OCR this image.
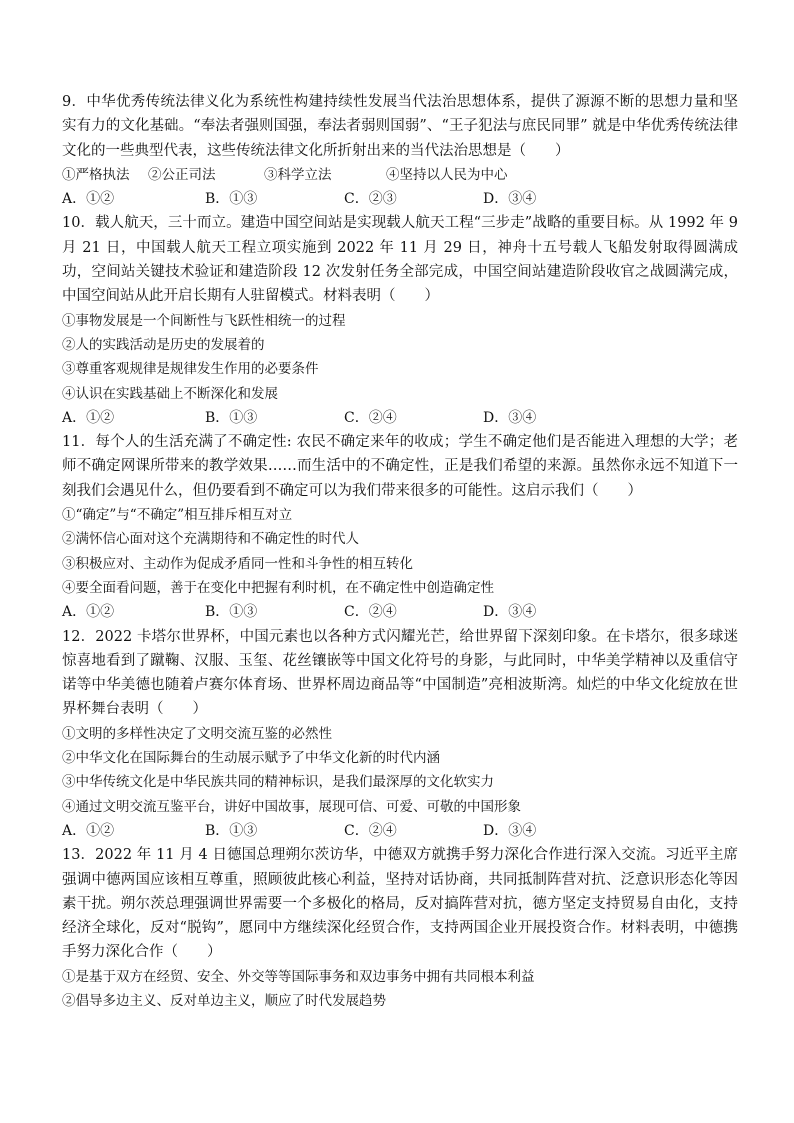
9．中华优秀传统法律义化为系统性构建持续性发展当代法治思想体系，提供了源源不断的思想力量和坚实有力的文化基础。“奉法者强则国强，奉法者弱则国弱”、“王子犯法与庶民同罪” 就是中华优秀传统法律文化的一些典型代表，这些传统法律文化所折射出来的当代法治思想是（　　）

①严格执法	②公正司法	③科学立法	④坚持以人民为中心
A．①②	B．①③	C．②③	D．③④

10．载人航天，三十而立。建造中国空间站是实现载人航天工程“三步走”战略的重要目标。从 1992 年 9 月 21 日，中国载人航天工程立项实施到 2022 年 11 月 29 日，神舟十五号载人飞船发射取得圆满成功，空间站关键技术验证和建造阶段 12 次发射任务全部完成，中国空间站建造阶段收官之战圆满完成，中国空间站从此开启长期有人驻留模式。材料表明（　　）

①事物发展是一个间断性与飞跃性相统一的过程

②人的实践活动是历史的发展着的

③尊重客观规律是规律发生作用的必要条件

④认识在实践基础上不断深化和发展

A．①②	B．①③	C．②④	D．③④

11．每个人的生活充满了不确定性: 农民不确定来年的收成；学生不确定他们是否能进入理想的大学；老师不确定网课所带来的教学效果……而生活中的不确定性，正是我们希望的来源。虽然你永远不知道下一刻我们会遇见什么，但仍要看到不确定可以为我们带来很多的可能性。这启示我们（　　）

①“确定”与“不确定”相互排斥相互对立

②满怀信心面对这个充满期待和不确定性的时代人

③积极应对、主动作为促成矛盾同一性和斗争性的相互转化

④要全面看问题，善于在变化中把握有利时机，在不确定性中创造确定性

A．①②	B．①③	C．②④	D．③④

12．2022 卡塔尔世界杯，中国元素也以各种方式闪耀光芒，给世界留下深刻印象。在卡塔尔，很多球迷惊喜地看到了蹴鞠、汉服、玉玺、花丝镶嵌等中国文化符号的身影，与此同时，中华美学精神以及重信守诺等中华美德也随着卢赛尔体育场、世界杯周边商品等“中国制造”亮相波斯湾。灿烂的中华文化绽放在世界杯舞台表明（　　）

①文明的多样性决定了文明交流互鉴的必然性

②中华文化在国际舞台的生动展示赋予了中华文化新的时代内涵

③中华传统文化是中华民族共同的精神标识，是我们最深厚的文化软实力

④通过文明交流互鉴平台，讲好中国故事，展现可信、可爱、可敬的中国形象

A．①②	B．①③	C．②④	D．③④

13．2022 年 11 月 4 日德国总理朔尔茨访华，中德双方就携手努力深化合作进行深入交流。习近平主席强调中德两国应该相互尊重，照顾彼此核心利益，坚持对话协商，共同抵制阵营对抗、泛意识形态化等因素干扰。朔尔茨总理强调世界需要一个多极化的格局，反对搞阵营对抗，德方坚定支持贸易自由化，支持经济全球化，反对“脱钩”，愿同中方继续深化经贸合作，支持两国企业开展投资合作。材料表明，中德携手努力深化合作（　　）

①是基于双方在经贸、安全、外交等等国际事务和双边事务中拥有共同根本利益

②倡导多边主义、反对单边主义，顺应了时代发展趋势
